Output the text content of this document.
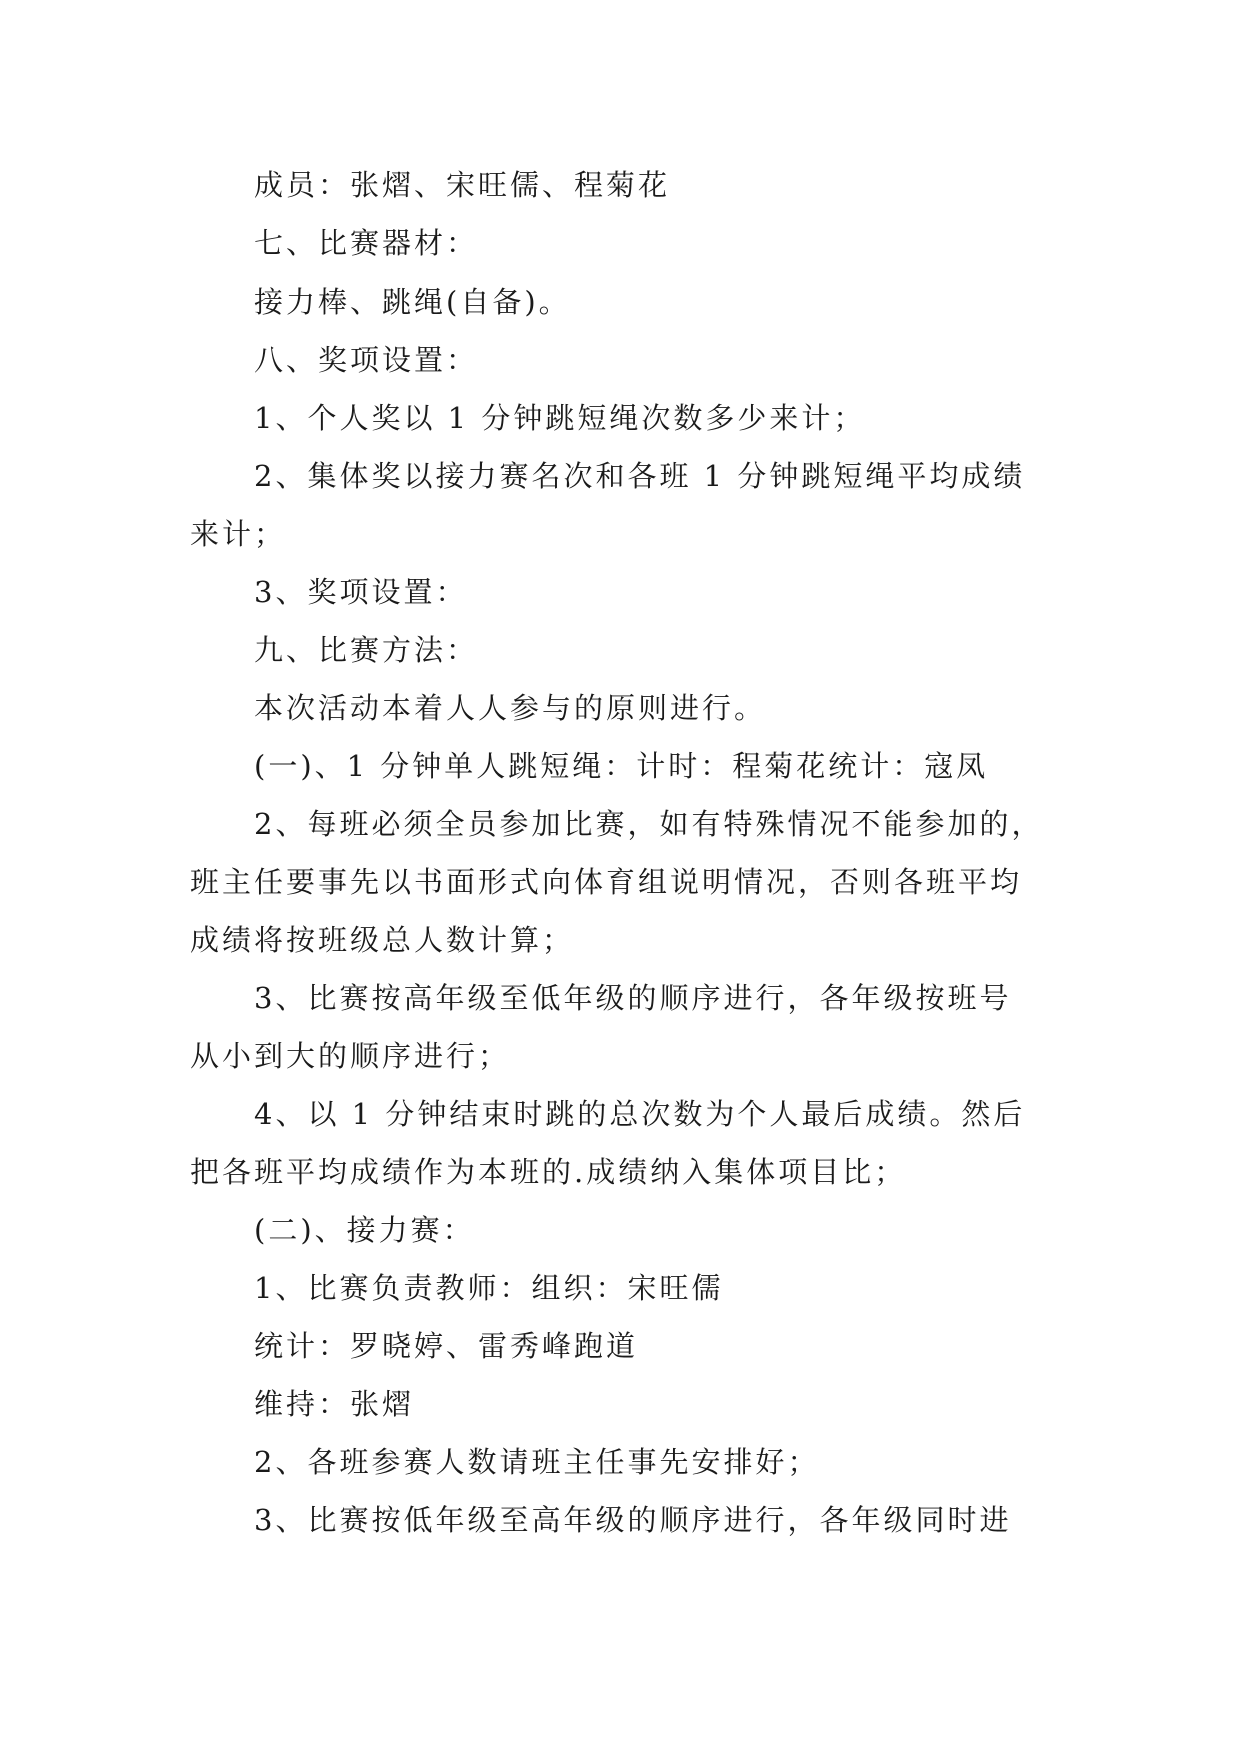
成员：张熠、宋旺儒、程菊花
七、比赛器材：
接力棒、跳绳(自备)。
八、奖项设置：
1、个人奖以 1 分钟跳短绳次数多少来计；
2、集体奖以接力赛名次和各班 1 分钟跳短绳平均成绩
来计；
3、奖项设置：
九、比赛方法：
本次活动本着人人参与的原则进行。
(一)、1 分钟单人跳短绳：计时：程菊花统计：寇凤
2、每班必须全员参加比赛，如有特殊情况不能参加的，
班主任要事先以书面形式向体育组说明情况，否则各班平均
成绩将按班级总人数计算；
3、比赛按高年级至低年级的顺序进行，各年级按班号
从小到大的顺序进行；
4、以 1 分钟结束时跳的总次数为个人最后成绩。然后
把各班平均成绩作为本班的.成绩纳入集体项目比；
(二)、接力赛：
1、比赛负责教师：组织：宋旺儒
统计：罗晓婷、雷秀峰跑道
维持：张熠
2、各班参赛人数请班主任事先安排好；
3、比赛按低年级至高年级的顺序进行，各年级同时进
